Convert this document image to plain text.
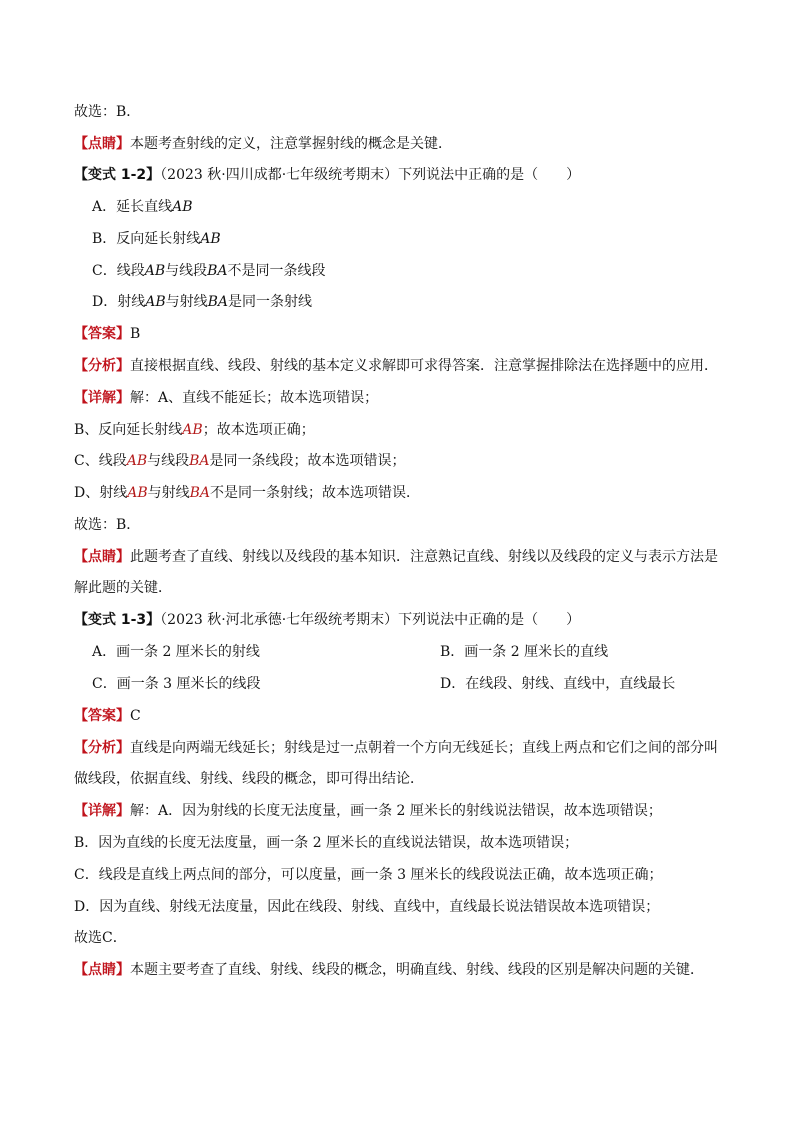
故选：B．
【点睛】本题考查射线的定义，注意掌握射线的概念是关键．
【变式 1-2】（2023 秋·四川成都·七年级统考期末）下列说法中正确的是（　　）
A．延长直线AB
B．反向延长射线AB
C．线段AB与线段BA不是同一条线段
D．射线AB与射线BA是同一条射线
【答案】B
【分析】直接根据直线、线段、射线的基本定义求解即可求得答案．注意掌握排除法在选择题中的应用．
【详解】解：A、直线不能延长；故本选项错误；
B、反向延长射线AB；故本选项正确；
C、线段AB与线段BA是同一条线段；故本选项错误；
D、射线AB与射线BA不是同一条射线；故本选项错误．
故选：B．
【点睛】此题考查了直线、射线以及线段的基本知识．注意熟记直线、射线以及线段的定义与表示方法是
解此题的关键．
【变式 1-3】（2023 秋·河北承德·七年级统考期末）下列说法中正确的是（　　）
A．画一条 2 厘米长的射线	B．画一条 2 厘米长的直线
C．画一条 3 厘米长的线段	D．在线段、射线、直线中，直线最长
【答案】C
【分析】直线是向两端无线延长；射线是过一点朝着一个方向无线延长；直线上两点和它们之间的部分叫
做线段，依据直线、射线、线段的概念，即可得出结论．
【详解】解：A．因为射线的长度无法度量，画一条 2 厘米长的射线说法错误，故本选项错误；
B．因为直线的长度无法度量，画一条 2 厘米长的直线说法错误，故本选项错误；
C．线段是直线上两点间的部分，可以度量，画一条 3 厘米长的线段说法正确，故本选项正确；
D．因为直线、射线无法度量，因此在线段、射线、直线中，直线最长说法错误故本选项错误；
故选C．
【点睛】本题主要考查了直线、射线、线段的概念，明确直线、射线、线段的区别是解决问题的关键．
